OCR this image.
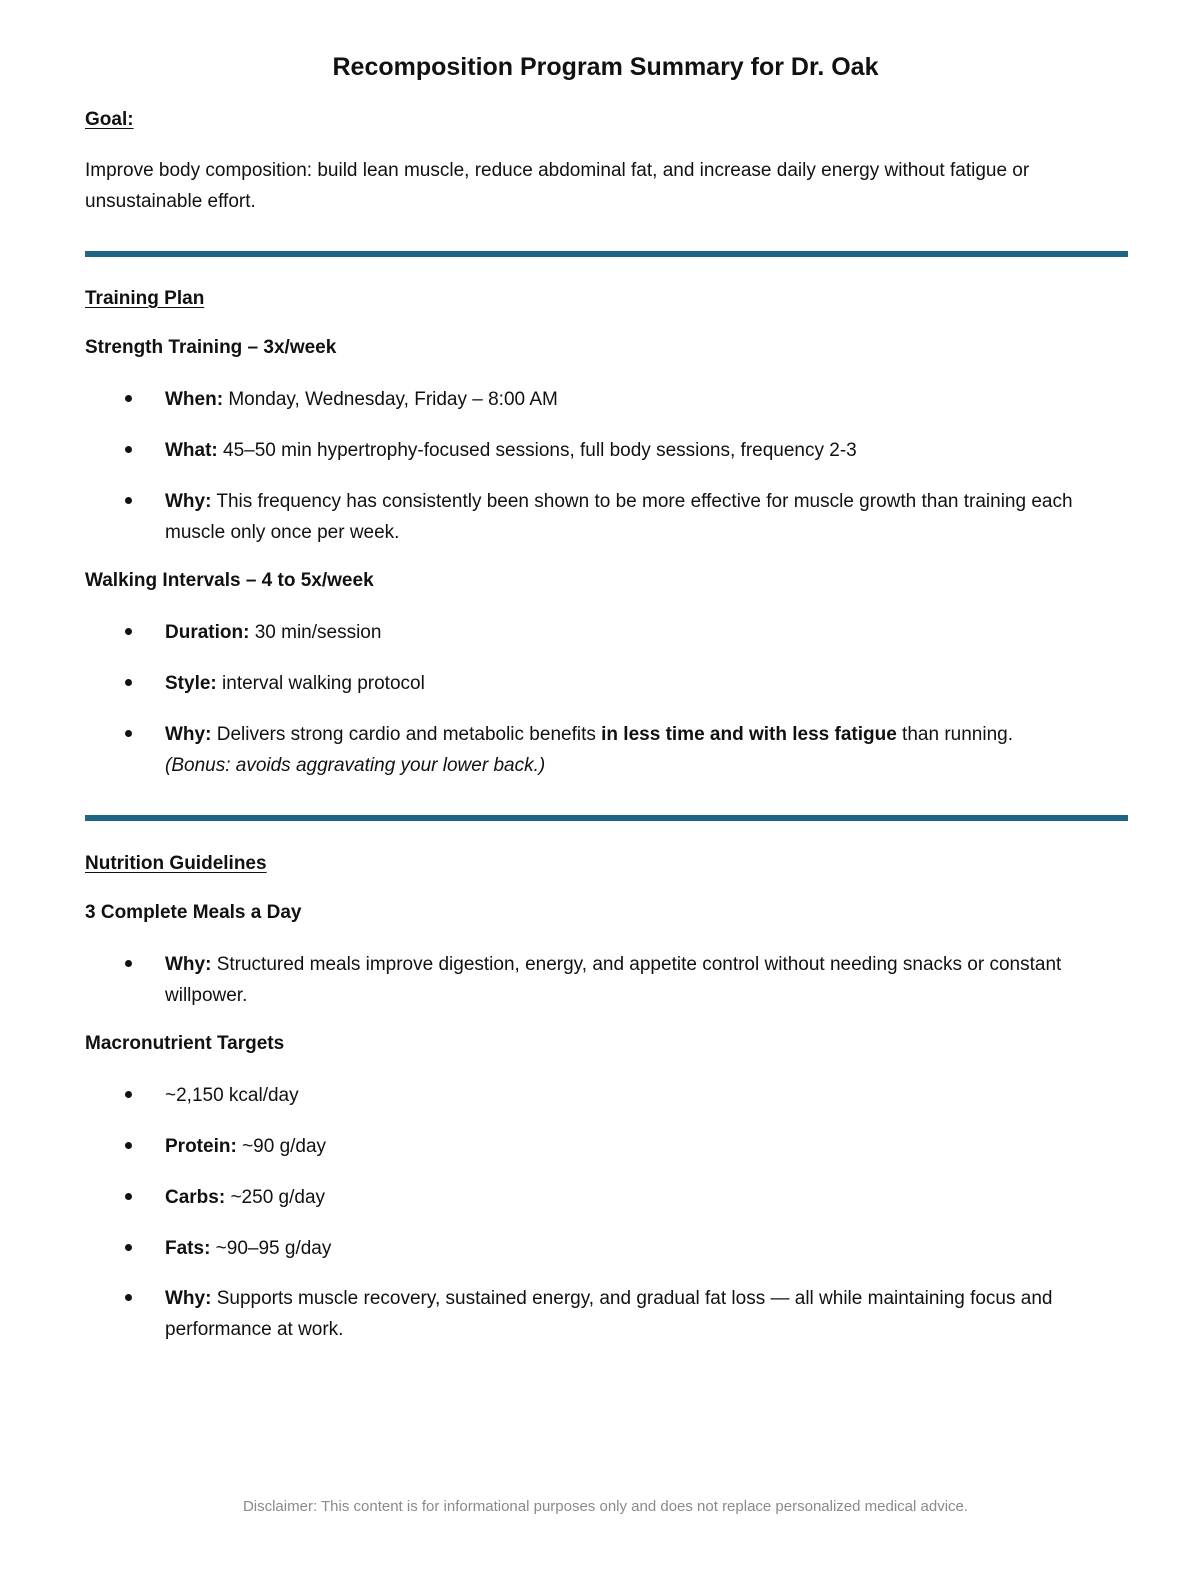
Recomposition Program Summary for Dr. Oak
Goal:
Improve body composition: build lean muscle, reduce abdominal fat, and increase daily energy without fatigue or unsustainable effort.
Training Plan
Strength Training – 3x/week
When: Monday, Wednesday, Friday – 8:00 AM
What: 45–50 min hypertrophy-focused sessions, full body sessions, frequency 2-3
Why: This frequency has consistently been shown to be more effective for muscle growth than training each muscle only once per week.
Walking Intervals – 4 to 5x/week
Duration: 30 min/session
Style: interval walking protocol
Why: Delivers strong cardio and metabolic benefits in less time and with less fatigue than running.
(Bonus: avoids aggravating your lower back.)
Nutrition Guidelines
3 Complete Meals a Day
Why: Structured meals improve digestion, energy, and appetite control without needing snacks or constant willpower.
Macronutrient Targets
~2,150 kcal/day
Protein: ~90 g/day
Carbs: ~250 g/day
Fats: ~90–95 g/day
Why: Supports muscle recovery, sustained energy, and gradual fat loss — all while maintaining focus and performance at work.
Disclaimer: This content is for informational purposes only and does not replace personalized medical advice.
